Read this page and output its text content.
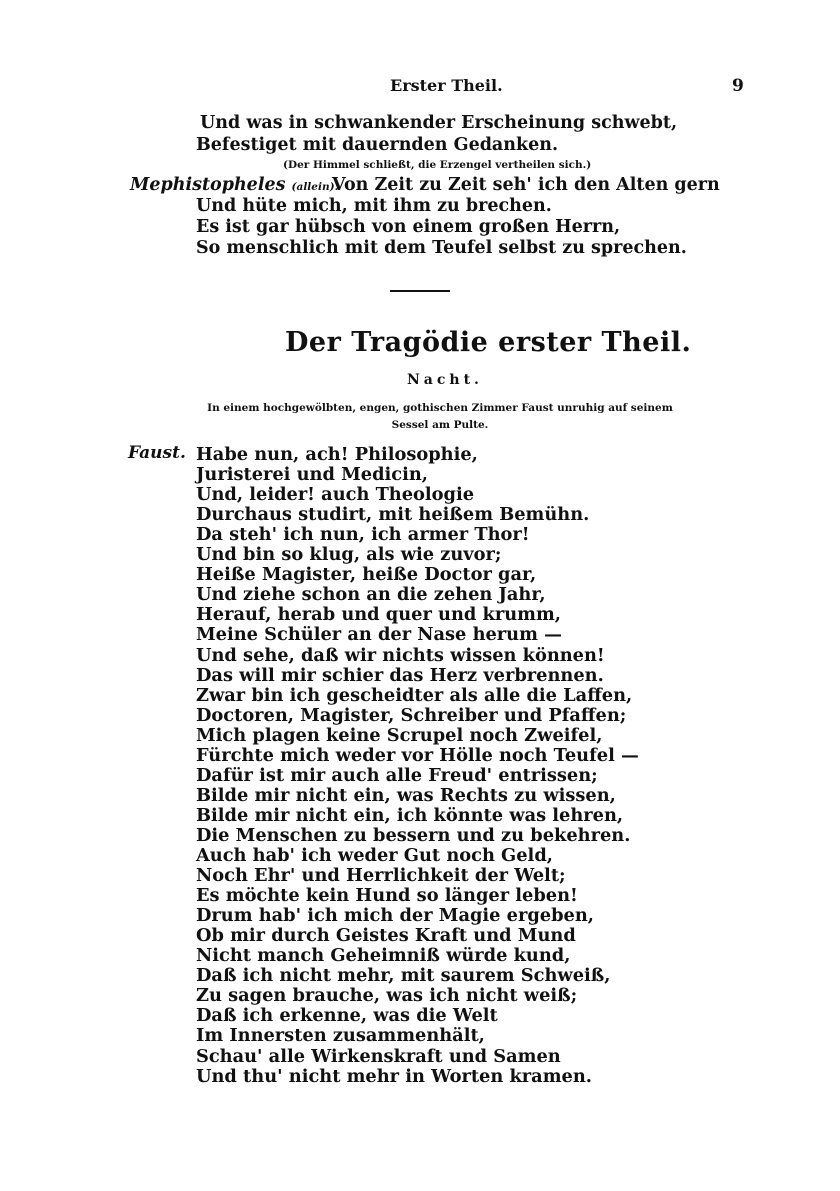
Erster Theil.	9
Und was in schwankender Erscheinung schwebt,
Befestiget mit dauernden Gedanken.
(Der Himmel schließt, die Erzengel vertheilen sich.)
Mephistopheles (allein).
Von Zeit zu Zeit seh' ich den Alten gern
Und hüte mich, mit ihm zu brechen.
Es ist gar hübsch von einem großen Herrn,
So menschlich mit dem Teufel selbst zu sprechen.
Der Tragödie erster Theil.
Nacht.
In einem hochgewölbten, engen, gothischen Zimmer Faust unruhig auf seinem
Sessel am Pulte.
Faust. Habe nun, ach! Philosophie,
Juristerei und Medicin,
Und, leider! auch Theologie
Durchaus studirt, mit heißem Bemühn.
Da steh' ich nun, ich armer Thor!
Und bin so klug, als wie zuvor;
Heiße Magister, heiße Doctor gar,
Und ziehe schon an die zehen Jahr,
Herauf, herab und quer und krumm,
Meine Schüler an der Nase herum —
Und sehe, daß wir nichts wissen können!
Das will mir schier das Herz verbrennen.
Zwar bin ich gescheidter als alle die Laffen,
Doctoren, Magister, Schreiber und Pfaffen;
Mich plagen keine Scrupel noch Zweifel,
Fürchte mich weder vor Hölle noch Teufel —
Dafür ist mir auch alle Freud' entrissen;
Bilde mir nicht ein, was Rechts zu wissen,
Bilde mir nicht ein, ich könnte was lehren,
Die Menschen zu bessern und zu bekehren.
Auch hab' ich weder Gut noch Geld,
Noch Ehr' und Herrlichkeit der Welt;
Es möchte kein Hund so länger leben!
Drum hab' ich mich der Magie ergeben,
Ob mir durch Geistes Kraft und Mund
Nicht manch Geheimniß würde kund,
Daß ich nicht mehr, mit saurem Schweiß,
Zu sagen brauche, was ich nicht weiß;
Daß ich erkenne, was die Welt
Im Innersten zusammenhält,
Schau' alle Wirkenskraft und Samen
Und thu' nicht mehr in Worten kramen.
